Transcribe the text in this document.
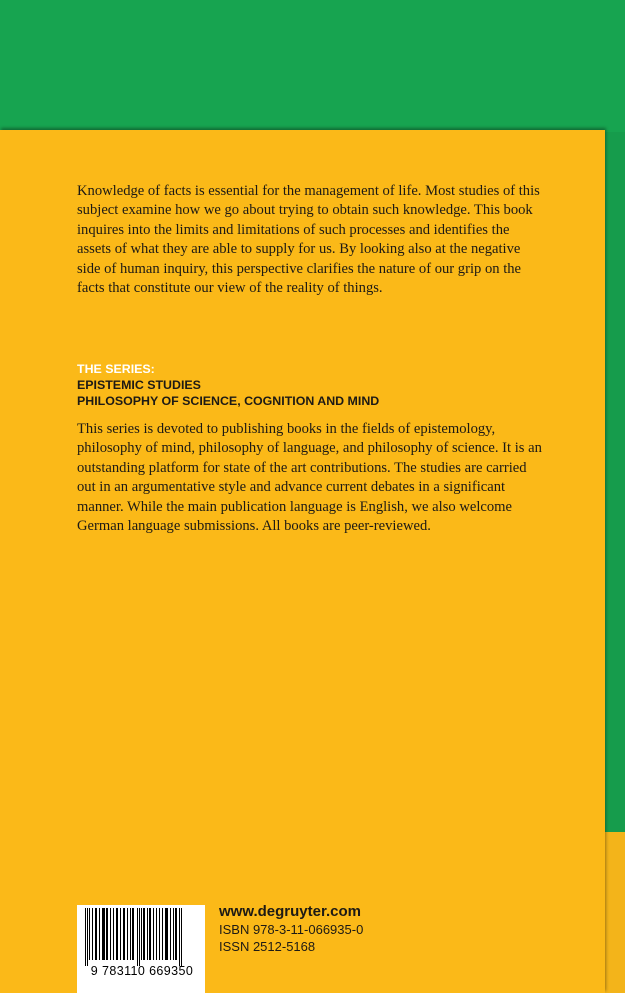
Knowledge of facts is essential for the management of life. Most studies of this subject examine how we go about trying to obtain such knowledge. This book inquires into the limits and limitations of such processes and identifies the assets of what they are able to supply for us. By looking also at the negative side of human inquiry, this perspective clarifies the nature of our grip on the facts that constitute our view of the reality of things.

THE SERIES:

EPISTEMIC STUDIES

PHILOSOPHY OF SCIENCE, COGNITION AND MIND

This series is devoted to publishing books in the fields of epistemology, philosophy of mind, philosophy of language, and philosophy of science. It is an outstanding platform for state of the art contributions. The studies are carried out in an argumentative style and advance current debates in a significant manner. While the main publication language is English, we also welcome German language submissions. All books are peer-reviewed.

9 783110 669350

www.degruyter.com

ISBN 978-3-11-066935-0

ISSN 2512-5168
